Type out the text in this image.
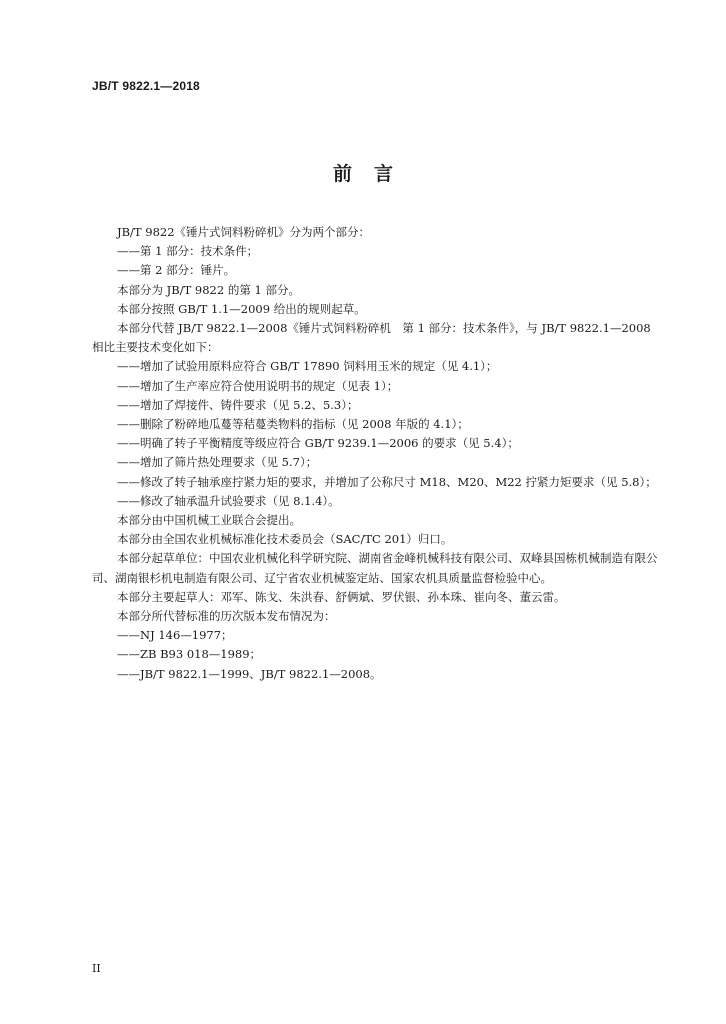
JB/T 9822.1—2018
前言
JB/T 9822《锤片式饲料粉碎机》分为两个部分：
——第 1 部分：技术条件；
——第 2 部分：锤片。
本部分为 JB/T 9822 的第 1 部分。
本部分按照 GB/T 1.1—2009 给出的规则起草。
本部分代替 JB/T 9822.1—2008《锤片式饲料粉碎机　第 1 部分：技术条件》，与 JB/T 9822.1—2008 相比主要技术变化如下：
——增加了试验用原料应符合 GB/T 17890 饲料用玉米的规定（见 4.1）；
——增加了生产率应符合使用说明书的规定（见表 1）；
——增加了焊接件、铸件要求（见 5.2、5.3）；
——删除了粉碎地瓜蔓等秸蔓类物料的指标（见 2008 年版的 4.1）；
——明确了转子平衡精度等级应符合 GB/T 9239.1—2006 的要求（见 5.4）；
——增加了筛片热处理要求（见 5.7）；
——修改了转子轴承座拧紧力矩的要求，并增加了公称尺寸 M18、M20、M22 拧紧力矩要求（见 5.8）；
——修改了轴承温升试验要求（见 8.1.4）。
本部分由中国机械工业联合会提出。
本部分由全国农业机械标准化技术委员会（SAC/TC 201）归口。
本部分起草单位：中国农业机械化科学研究院、湖南省金峰机械科技有限公司、双峰县国栋机械制造有限公司、湖南银杉机电制造有限公司、辽宁省农业机械鉴定站、国家农机具质量监督检验中心。
本部分主要起草人：邓军、陈戈、朱洪春、舒俩斌、罗伏银、孙本珠、崔向冬、董云雷。
本部分所代替标准的历次版本发布情况为：
——NJ 146—1977；
——ZB B93 018—1989；
——JB/T 9822.1—1999、JB/T 9822.1—2008。
II
